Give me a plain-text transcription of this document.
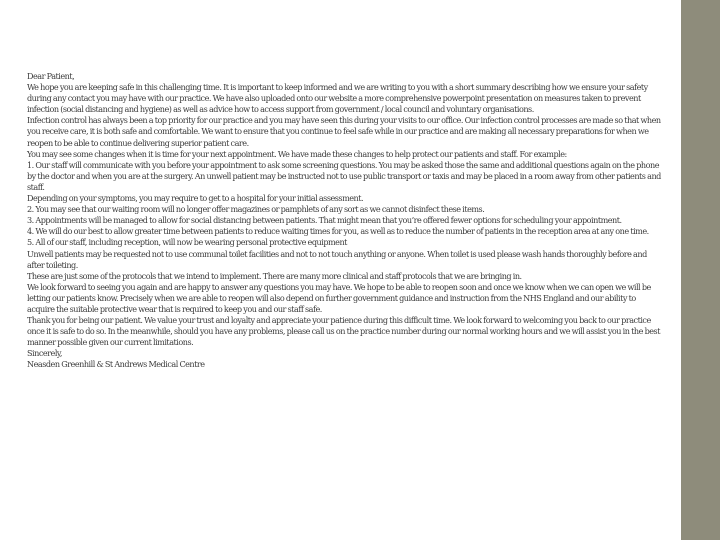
Dear Patient,

We hope you are keeping safe in this challenging time. It is important to keep informed and we are writing to you with a short summary describing how we ensure your safety during any contact you may have with our practice. We have also uploaded onto our website a more comprehensive powerpoint presentation on measures taken to prevent infection (social distancing and hygiene) as well as advice how to access support from government / local council and voluntary organisations.

Infection control has always been a top priority for our practice and you may have seen this during your visits to our office. Our infection control processes are made so that when you receive care, it is both safe and comfortable. We want to ensure that you continue to feel safe while in our practice and are making all necessary preparations for when we reopen to be able to continue delivering superior patient care.

You may see some changes when it is time for your next appointment. We have made these changes to help protect our patients and staff. For example:

1. Our staff will communicate with you before your appointment to ask some screening questions. You may be asked those the same and additional questions again on the phone by the doctor and when you are at the surgery. An unwell patient may be instructed not to use public transport or taxis and may be placed in a room away from other patients and staff.

Depending on your symptoms, you may require to get to a hospital for your initial assessment.

2. You may see that our waiting room will no longer offer magazines or pamphlets of any sort as we cannot disinfect these items.

3. Appointments will be managed to allow for social distancing between patients. That might mean that you’re offered fewer options for scheduling your appointment.

4. We will do our best to allow greater time between patients to reduce waiting times for you, as well as to reduce the number of patients in the reception area at any one time.

5. All of our staff, including reception, will now be wearing personal protective equipment

Unwell patients may be requested not to use communal toilet facilities and not to not touch anything or anyone. When toilet is used please wash hands thoroughly before and after toileting.

These are just some of the protocols that we intend to implement. There are many more clinical and staff protocols that we are bringing in.

We look forward to seeing you again and are happy to answer any questions you may have. We hope to be able to reopen soon and once we know when we can open we will be letting our patients know. Precisely when we are able to reopen will also depend on further government guidance and instruction from the NHS England and our ability to acquire the suitable protective wear that is required to keep you and our staff safe.

Thank you for being our patient. We value your trust and loyalty and appreciate your patience during this difficult time. We look forward to welcoming you back to our practice once it is safe to do so. In the meanwhile, should you have any problems, please call us on the practice number during our normal working hours and we will assist you in the best manner possible given our current limitations.

Sincerely,

Neasden Greenhill & St Andrews Medical Centre
